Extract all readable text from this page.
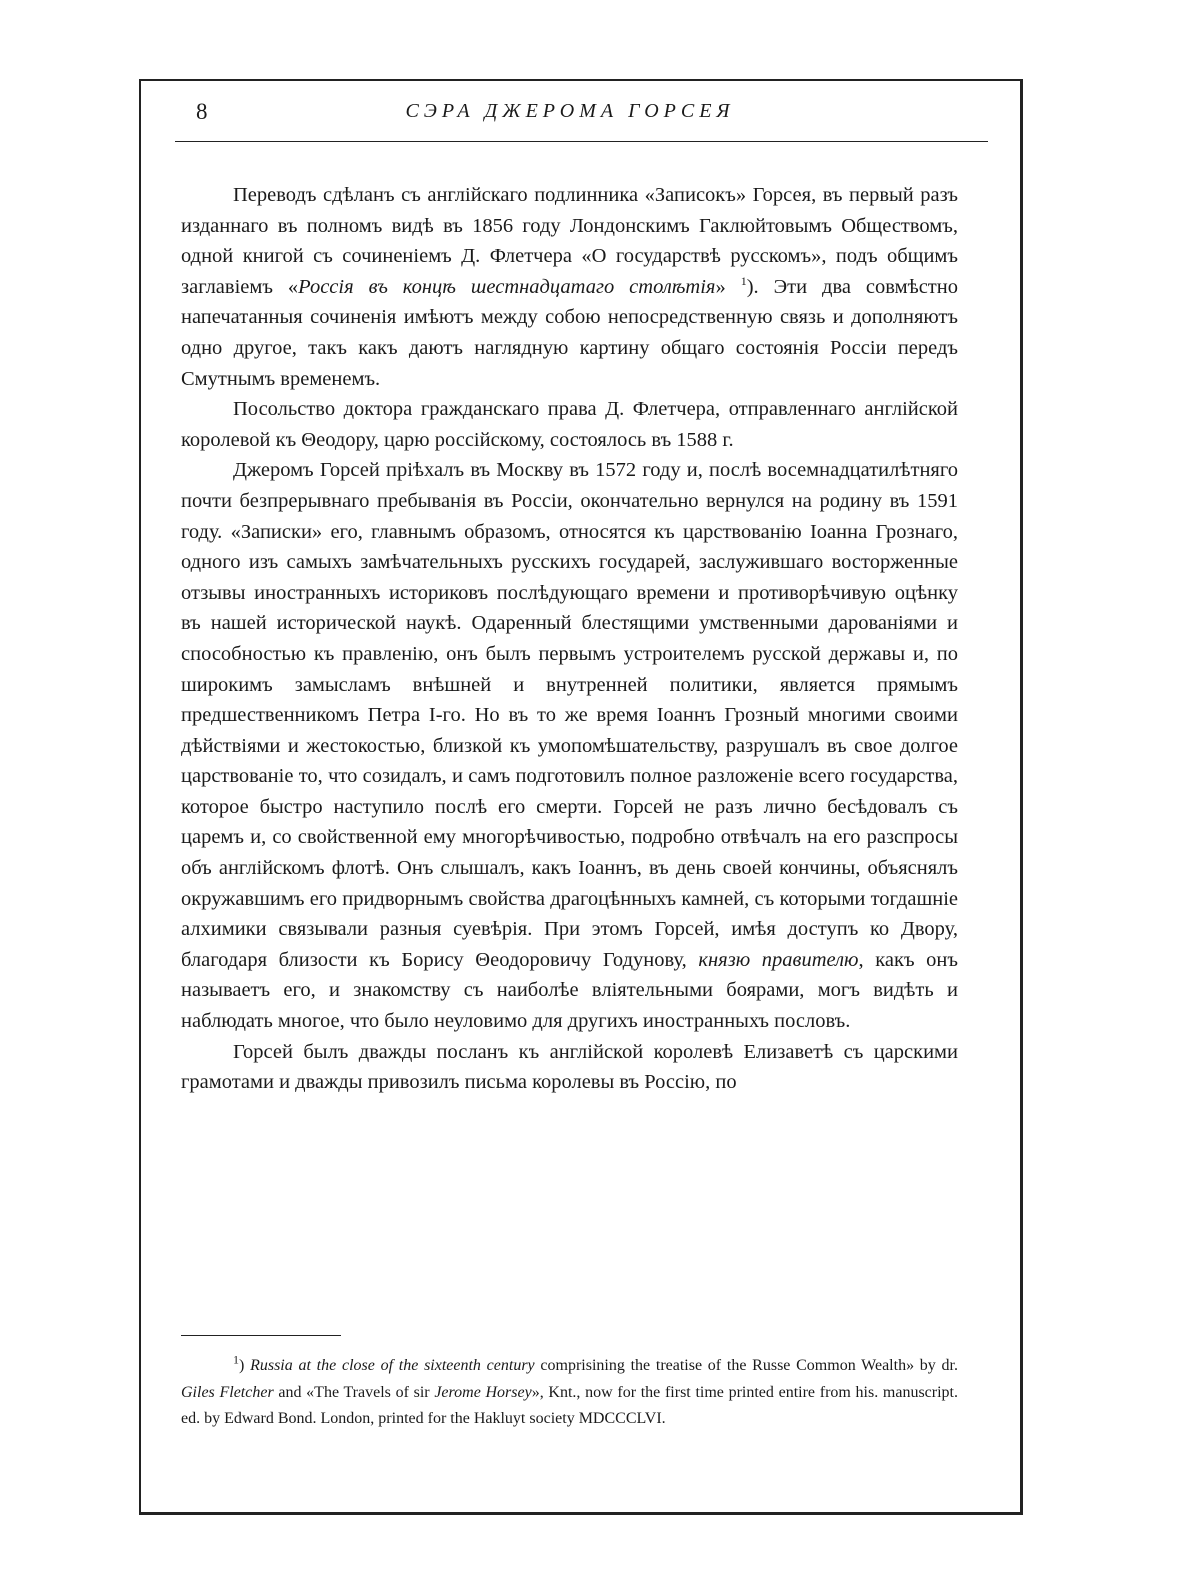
8	СЭРА ДЖЕРОМА ГОРСЕЯ

Переводъ сдѣланъ съ англійскаго подлинника «Записокъ» Горсея, въ первый разъ изданнаго въ полномъ видѣ въ 1856 году Лондонскимъ Гаклюйтовымъ Обществомъ, одной книгой съ сочиненіемъ Д. Флетчера «О государствѣ русскомъ», подъ общимъ заглавіемъ «Россія въ концѣ шестнадцатаго столѣтія» $^1$). Эти два совмѣстно напечатанныя сочиненія имѣютъ между собою непосредственную связь и дополняютъ одно другое, такъ какъ даютъ наглядную картину общаго состоянія Россіи передъ Смутнымъ временемъ.

Посольство доктора гражданскаго права Д. Флетчера, отправленнаго англійской королевой къ Θеодору, царю россійскому, состоялось въ 1588 г.

Джеромъ Горсей пріѣхалъ въ Москву въ 1572 году и, послѣ восемнадцатилѣтняго почти безпрерывнаго пребыванія въ Россіи, окончательно вернулся на родину въ 1591 году. «Записки» его, главнымъ образомъ, относятся къ царствованію Іоанна Грознаго, одного изъ самыхъ замѣчательныхъ русскихъ государей, заслужившаго восторженные отзывы иностранныхъ историковъ послѣдующаго времени и противорѣчивую оцѣнку въ нашей исторической наукѣ. Одаренный блестящими умственными дарованіями и способностью къ правленію, онъ былъ первымъ устроителемъ русской державы и, по широкимъ замысламъ внѣшней и внутренней политики, является прямымъ предшественникомъ Петра I-го. Но въ то же время Іоаннъ Грозный многими своими дѣйствіями и жестокостью, близкой къ умопомѣшательству, разрушалъ въ свое долгое царствованіе то, что созидалъ, и самъ подготовилъ полное разложеніе всего государства, которое быстро наступило послѣ его смерти. Горсей не разъ лично бесѣдовалъ съ царемъ и, со свойственной ему многорѣчивостью, подробно отвѣчалъ на его разспросы объ англійскомъ флотѣ. Онъ слышалъ, какъ Іоаннъ, въ день своей кончины, объяснялъ окружавшимъ его придворнымъ свойства драгоцѣнныхъ камней, съ которыми тогдашніе алхимики связывали разныя суевѣрія. При этомъ Горсей, имѣя доступъ ко Двору, благодаря близости къ Борису Θеодоровичу Годунову, князю правителю, какъ онъ называетъ его, и знакомству съ наиболѣе вліятельными боярами, могъ видѣть и наблюдать многое, что было неуловимо для другихъ иностранныхъ пословъ.

Горсей былъ дважды посланъ къ англійской королевѣ Елизаветѣ съ царскими грамотами и дважды привозилъ письма королевы въ Россію, по

$^1$) Russia at the close of the sixteenth century comprisining the treatise of the Russe Common Wealth» by dr. Giles Fletcher and «The Travels of sir Jerome Horsey», Knt., now for the first time printed entire from his. manuscript. ed. by Edward Bond. London, printed for the Hakluyt society MDCCCLVI.
